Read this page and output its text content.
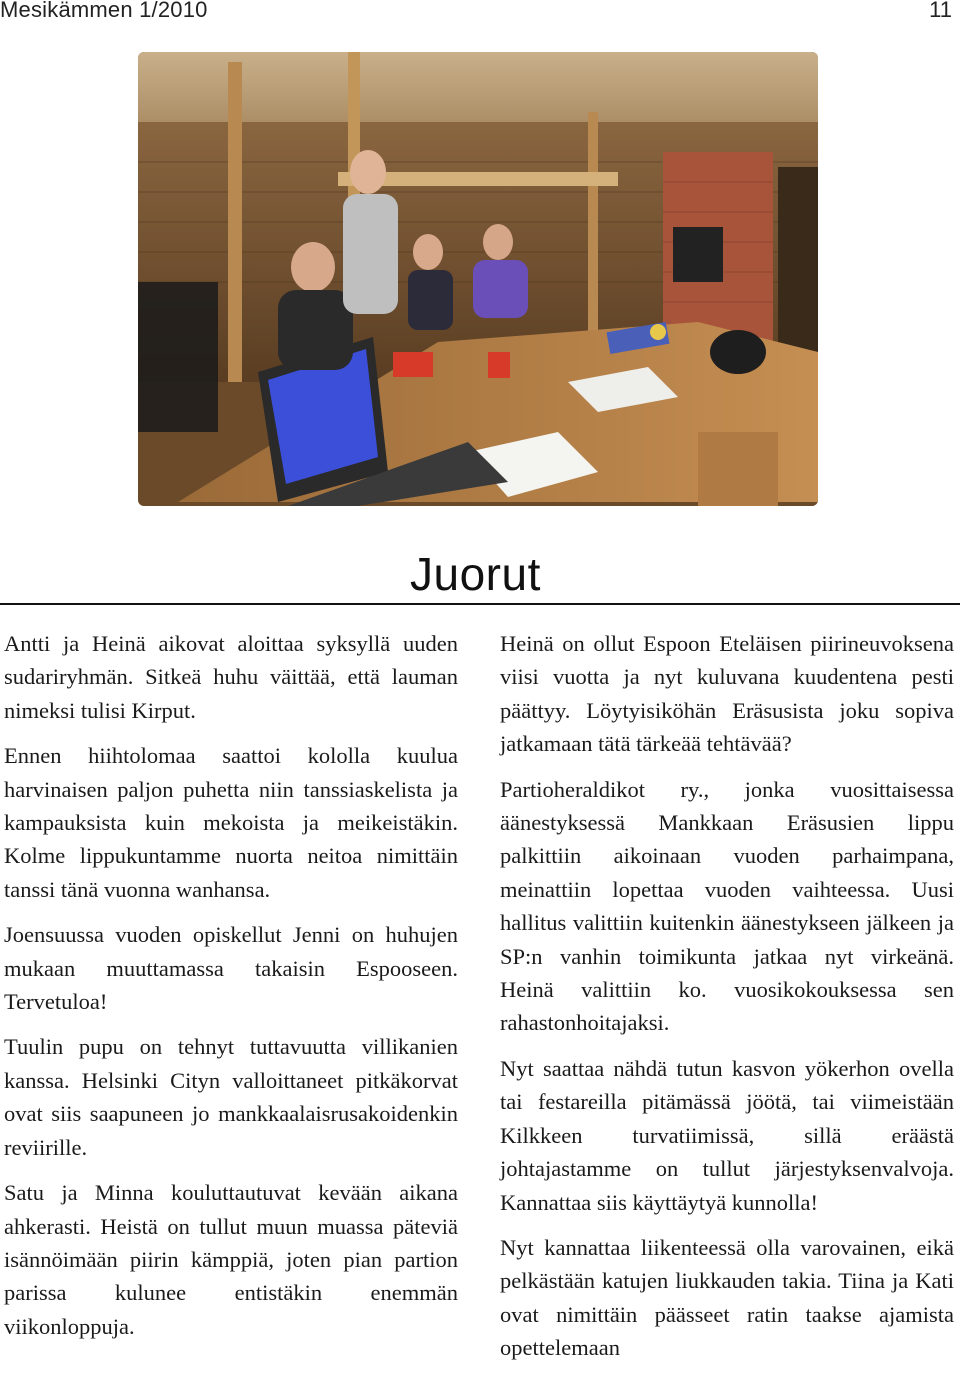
Mesikämmen 1/2010	11
Juorut

Antti ja Heinä aikovat aloittaa syksyllä uuden sudariryhmän. Sitkeä huhu väittää, että lauman nimeksi tulisi Kirput.

Ennen hiihtolomaa saattoi kololla kuulua harvinaisen paljon puhetta niin tanssiaskelista ja kampauksista kuin mekoista ja meikeistäkin. Kolme lippukuntamme nuorta neitoa nimittäin tanssi tänä vuonna wanhansa.

Joensuussa vuoden opiskellut Jenni on huhujen mukaan muuttamassa takaisin Espooseen. Tervetuloa!

Tuulin pupu on tehnyt tuttavuutta villikanien kanssa. Helsinki Cityn valloittaneet pitkäkorvat ovat siis saapuneen jo mankkaalaisrusakoidenkin reviirille.

Satu ja Minna kouluttautuvat kevään aikana ahkerasti. Heistä on tullut muun muassa päteviä isännöimään piirin kämppiä, joten pian partion parissa kulunee entistäkin enemmän viikonloppuja.

Heinä on ollut Espoon Eteläisen piirineuvoksena viisi vuotta ja nyt kuluvana kuudentena pesti päättyy. Löytyisiköhän Eräsusista joku sopiva jatkamaan tätä tärkeää tehtävää?

Partioheraldikot ry., jonka vuosittaisessa äänestyksessä Mankkaan Eräsusien lippu palkittiin aikoinaan vuoden parhaimpana, meinattiin lopettaa vuoden vaihteessa. Uusi hallitus valittiin kuitenkin äänestykseen jälkeen ja SP:n vanhin toimikunta jatkaa nyt virkeänä. Heinä valittiin ko. vuosikokouksessa sen rahastonhoitajaksi.

Nyt saattaa nähdä tutun kasvon yökerhon ovella tai festareilla pitämässä jöötä, tai viimeistään Kilkkeen turvatiimissä, sillä eräästä johtajastamme on tullut järjestyksenvalvoja. Kannattaa siis käyttäytyä kunnolla!

Nyt kannattaa liikenteessä olla varovainen, eikä pelkästään katujen liukkauden takia. Tiina ja Kati ovat nimittäin päässeet ratin taakse ajamista opettelemaan
